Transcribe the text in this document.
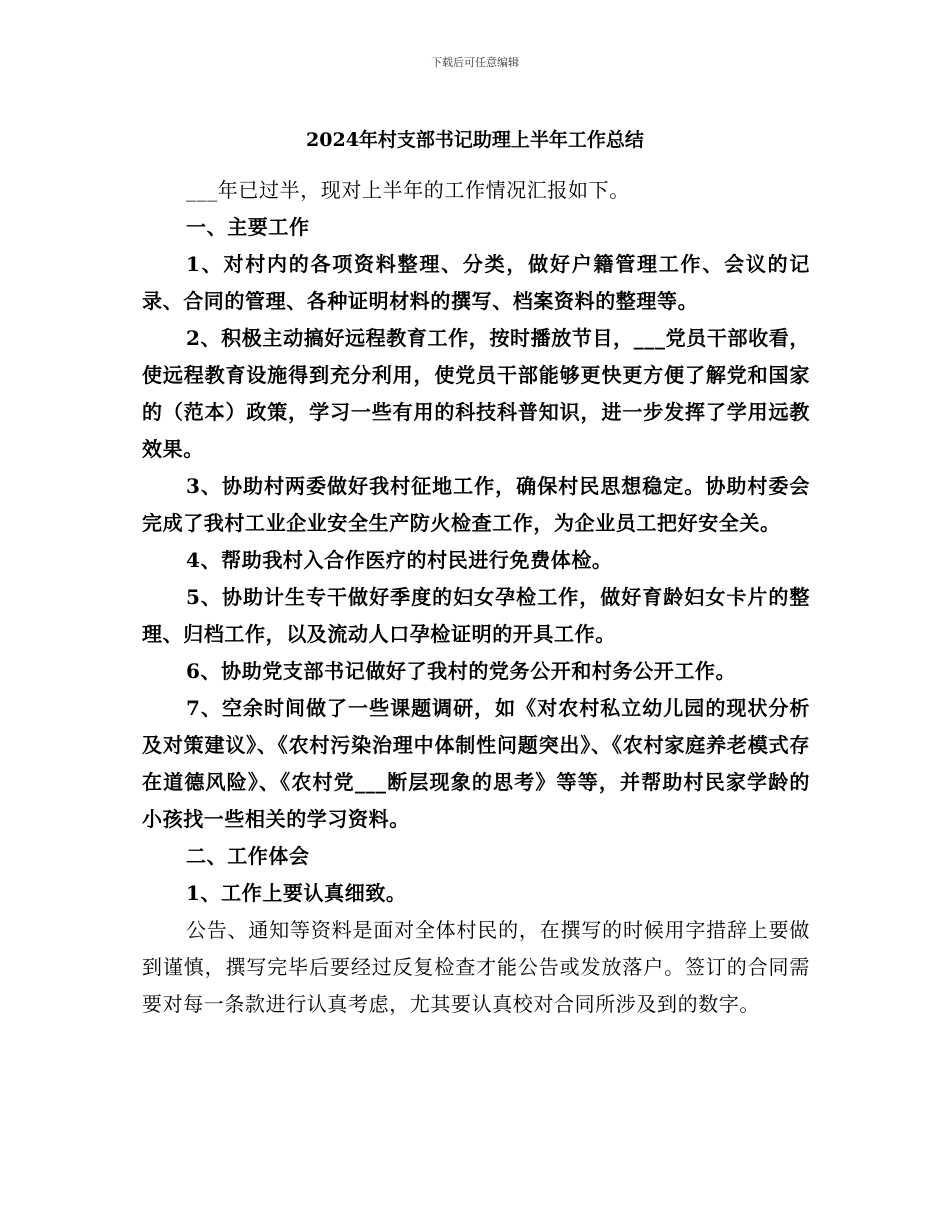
下载后可任意编辑
2024年村支部书记助理上半年工作总结

___年已过半，现对上半年的工作情况汇报如下。

一、主要工作

1、对村内的各项资料整理、分类，做好户籍管理工作、会议的记录、合同的管理、各种证明材料的撰写、档案资料的整理等。

2、积极主动搞好远程教育工作，按时播放节目，___党员干部收看，使远程教育设施得到充分利用，使党员干部能够更快更方便了解党和国家的（范本）政策，学习一些有用的科技科普知识，进一步发挥了学用远教效果。

3、协助村两委做好我村征地工作，确保村民思想稳定。协助村委会完成了我村工业企业安全生产防火检查工作，为企业员工把好安全关。

4、帮助我村入合作医疗的村民进行免费体检。

5、协助计生专干做好季度的妇女孕检工作，做好育龄妇女卡片的整理、归档工作，以及流动人口孕检证明的开具工作。

6、协助党支部书记做好了我村的党务公开和村务公开工作。

7、空余时间做了一些课题调研，如《对农村私立幼儿园的现状分析及对策建议》、《农村污染治理中体制性问题突出》、《农村家庭养老模式存在道德风险》、《农村党___断层现象的思考》等等，并帮助村民家学龄的小孩找一些相关的学习资料。

二、工作体会

1、工作上要认真细致。

公告、通知等资料是面对全体村民的，在撰写的时候用字措辞上要做到谨慎，撰写完毕后要经过反复检查才能公告或发放落户。签订的合同需要对每一条款进行认真考虑，尤其要认真校对合同所涉及到的数字。
